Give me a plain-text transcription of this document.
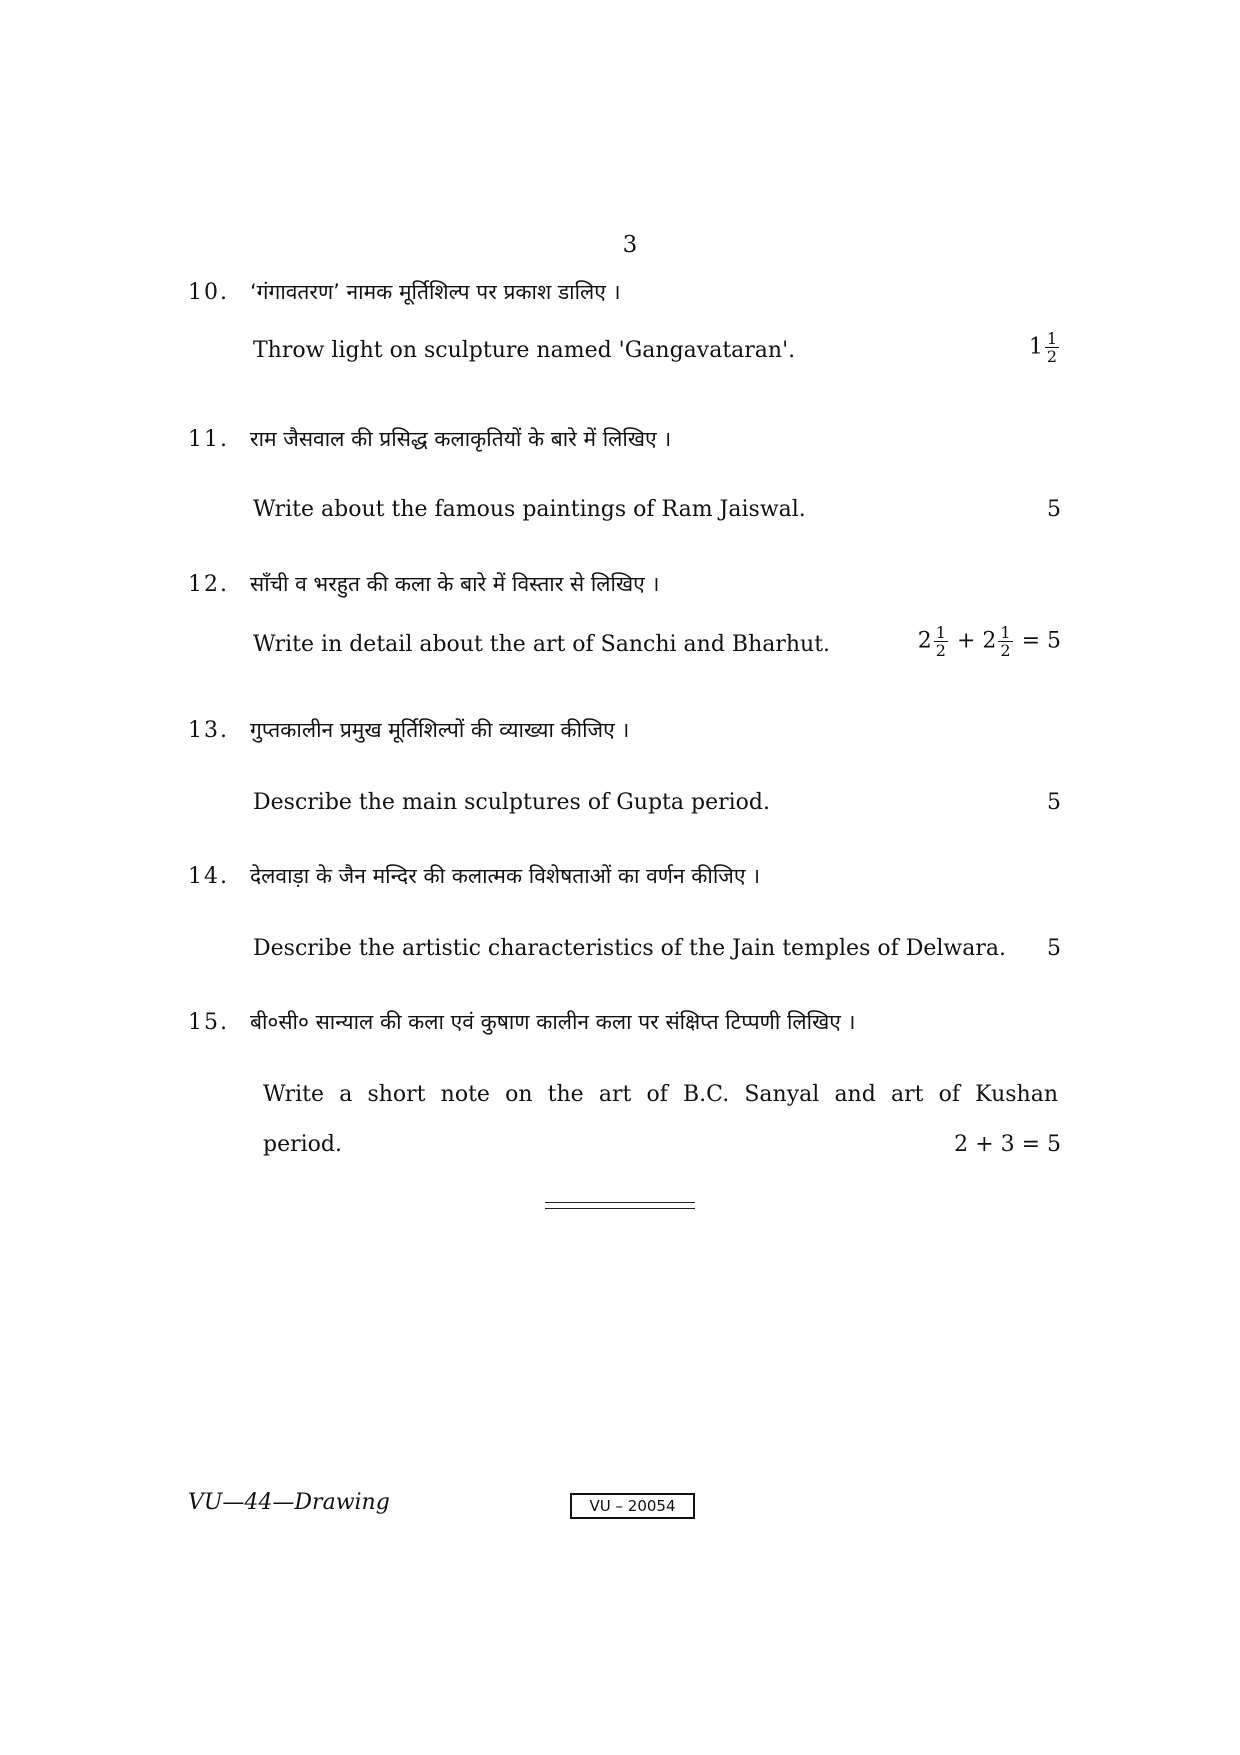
3
10. ‘गंगावतरण’ नामक मूर्तिशिल्प पर प्रकाश डालिए ।
Throw light on sculpture named 'Gangavataran'.	$1 \frac{1}{2}$
11. राम जैसवाल की प्रसिद्ध कलाकृतियों के बारे में लिखिए ।
Write about the famous paintings of Ram Jaiswal.	5
12. साँची व भरहुत की कला के बारे में विस्तार से लिखिए ।
Write in detail about the art of Sanchi and Bharhut.	$2 \frac{1}{2} + 2 \frac{1}{2} = 5$
13. गुप्तकालीन प्रमुख मूर्तिशिल्पों की व्याख्या कीजिए ।
Describe the main sculptures of Gupta period.	5
14. देलवाड़ा के जैन मन्दिर की कलात्मक विशेषताओं का वर्णन कीजिए ।
Describe the artistic characteristics of the Jain temples of Delwara. 5
15. बी०सी० सान्याल की कला एवं कुषाण कालीन कला पर संक्षिप्त टिप्पणी लिखिए ।
Write a short note on the art of B.C. Sanyal and art of Kushan
period.	2 + 3 = 5
VU—44—Drawing	VU – 20054
